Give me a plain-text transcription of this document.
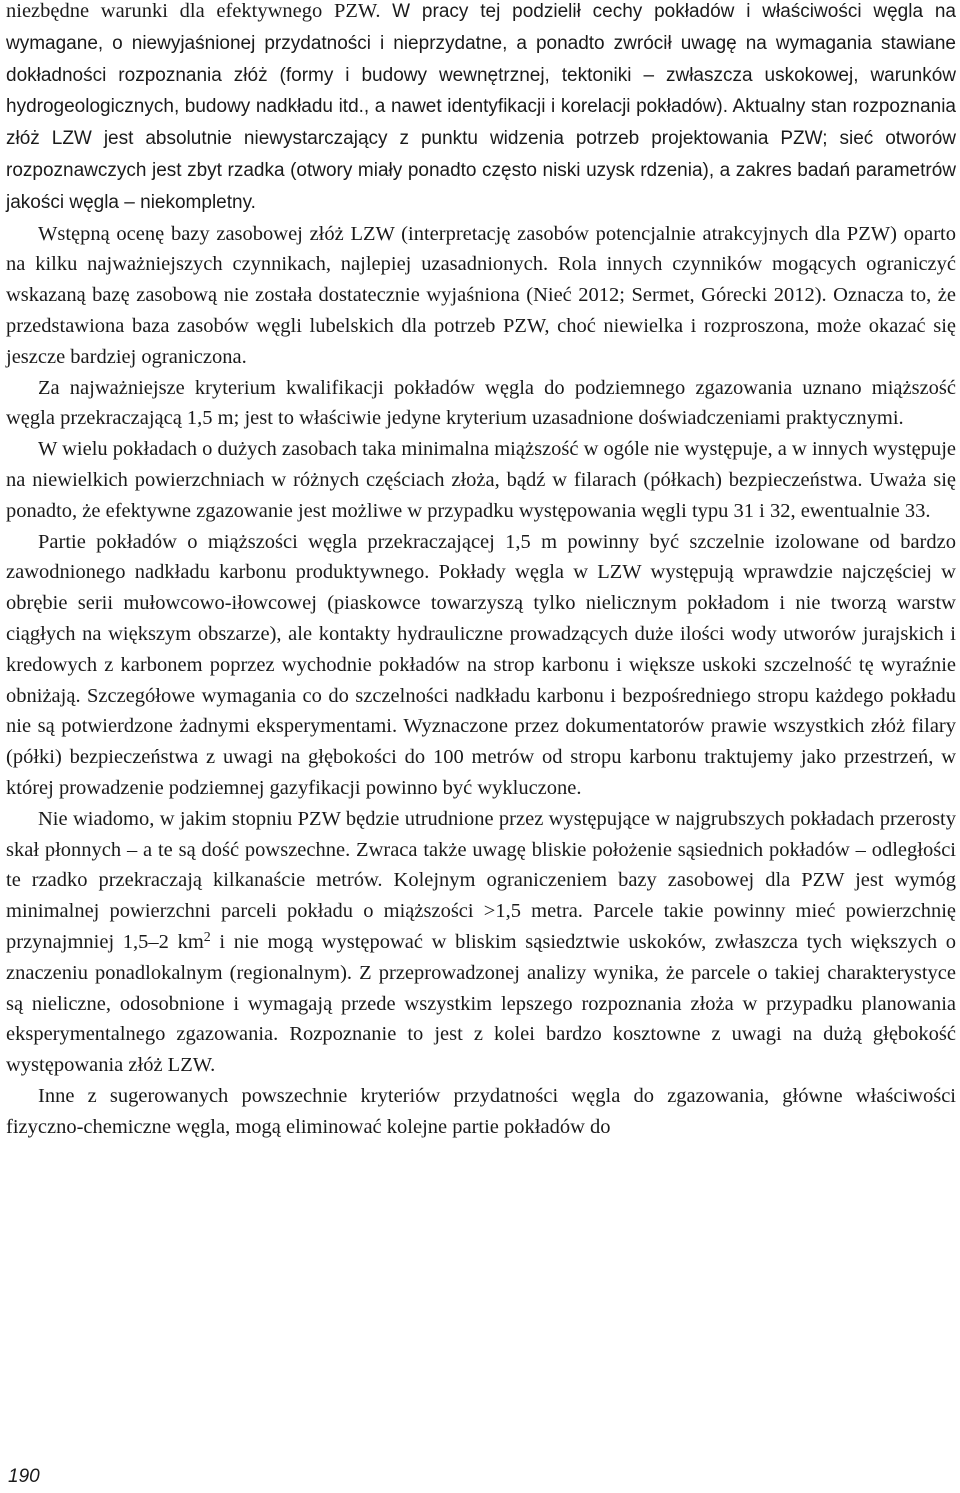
niezbędne warunki dla efektywnego PZW. W pracy tej podzielił cechy pokładów i właściwości węgla na wymagane, o niewyjaśnionej przydatności i nieprzydatne, a ponadto zwrócił uwagę na wymagania stawiane dokładności rozpoznania złóż (formy i budowy wewnętrznej, tektoniki – zwłaszcza uskokowej, warunków hydrogeologicznych, budowy nadkładu itd., a nawet identyfikacji i korelacji pokładów). Aktualny stan rozpoznania złóż LZW jest absolutnie niewystarczający z punktu widzenia potrzeb projektowania PZW; sieć otworów rozpoznawczych jest zbyt rzadka (otwory miały ponadto często niski uzysk rdzenia), a zakres badań parametrów jakości węgla – niekompletny.

Wstępną ocenę bazy zasobowej złóż LZW (interpretację zasobów potencjalnie atrakcyjnych dla PZW) oparto na kilku najważniejszych czynnikach, najlepiej uzasadnionych. Rola innych czynników mogących ograniczyć wskazaną bazę zasobową nie została dostatecznie wyjaśniona (Nieć 2012; Sermet, Górecki 2012). Oznacza to, że przedstawiona baza zasobów węgli lubelskich dla potrzeb PZW, choć niewielka i rozproszona, może okazać się jeszcze bardziej ograniczona.

Za najważniejsze kryterium kwalifikacji pokładów węgla do podziemnego zgazowania uznano miąższość węgla przekraczającą 1,5 m; jest to właściwie jedyne kryterium uzasadnione doświadczeniami praktycznymi.

W wielu pokładach o dużych zasobach taka minimalna miąższość w ogóle nie występuje, a w innych występuje na niewielkich powierzchniach w różnych częściach złoża, bądź w filarach (półkach) bezpieczeństwa. Uważa się ponadto, że efektywne zgazowanie jest możliwe w przypadku występowania węgli typu 31 i 32, ewentualnie 33.

Partie pokładów o miąższości węgla przekraczającej 1,5 m powinny być szczelnie izolowane od bardzo zawodnionego nadkładu karbonu produktywnego. Pokłady węgla w LZW występują wprawdzie najczęściej w obrębie serii mułowcowo-iłowcowej (piaskowce towarzyszą tylko nielicznym pokładom i nie tworzą warstw ciągłych na większym obszarze), ale kontakty hydrauliczne prowadzących duże ilości wody utworów jurajskich i kredowych z karbonem poprzez wychodnie pokładów na strop karbonu i większe uskoki szczelność tę wyraźnie obniżają. Szczegółowe wymagania co do szczelności nadkładu karbonu i bezpośredniego stropu każdego pokładu nie są potwierdzone żadnymi eksperymentami. Wyznaczone przez dokumentatorów prawie wszystkich złóż filary (półki) bezpieczeństwa z uwagi na głębokości do 100 metrów od stropu karbonu traktujemy jako przestrzeń, w której prowadzenie podziemnej gazyfikacji powinno być wykluczone.

Nie wiadomo, w jakim stopniu PZW będzie utrudnione przez występujące w najgrubszych pokładach przerosty skał płonnych – a te są dość powszechne. Zwraca także uwagę bliskie położenie sąsiednich pokładów – odległości te rzadko przekraczają kilkanaście metrów. Kolejnym ograniczeniem bazy zasobowej dla PZW jest wymóg minimalnej powierzchni parceli pokładu o miąższości >1,5 metra. Parcele takie powinny mieć powierzchnię przynajmniej 1,5–2 $km^2$ i nie mogą występować w bliskim sąsiedztwie uskoków, zwłaszcza tych większych o znaczeniu ponadlokalnym (regionalnym). Z przeprowadzonej analizy wynika, że parcele o takiej charakterystyce są nieliczne, odosobnione i wymagają przede wszystkim lepszego rozpoznania złoża w przypadku planowania eksperymentalnego zgazowania. Rozpoznanie to jest z kolei bardzo kosztowne z uwagi na dużą głębokość występowania złóż LZW.

Inne z sugerowanych powszechnie kryteriów przydatności węgla do zgazowania, główne właściwości fizyczno-chemiczne węgla, mogą eliminować kolejne partie pokładów do

190
